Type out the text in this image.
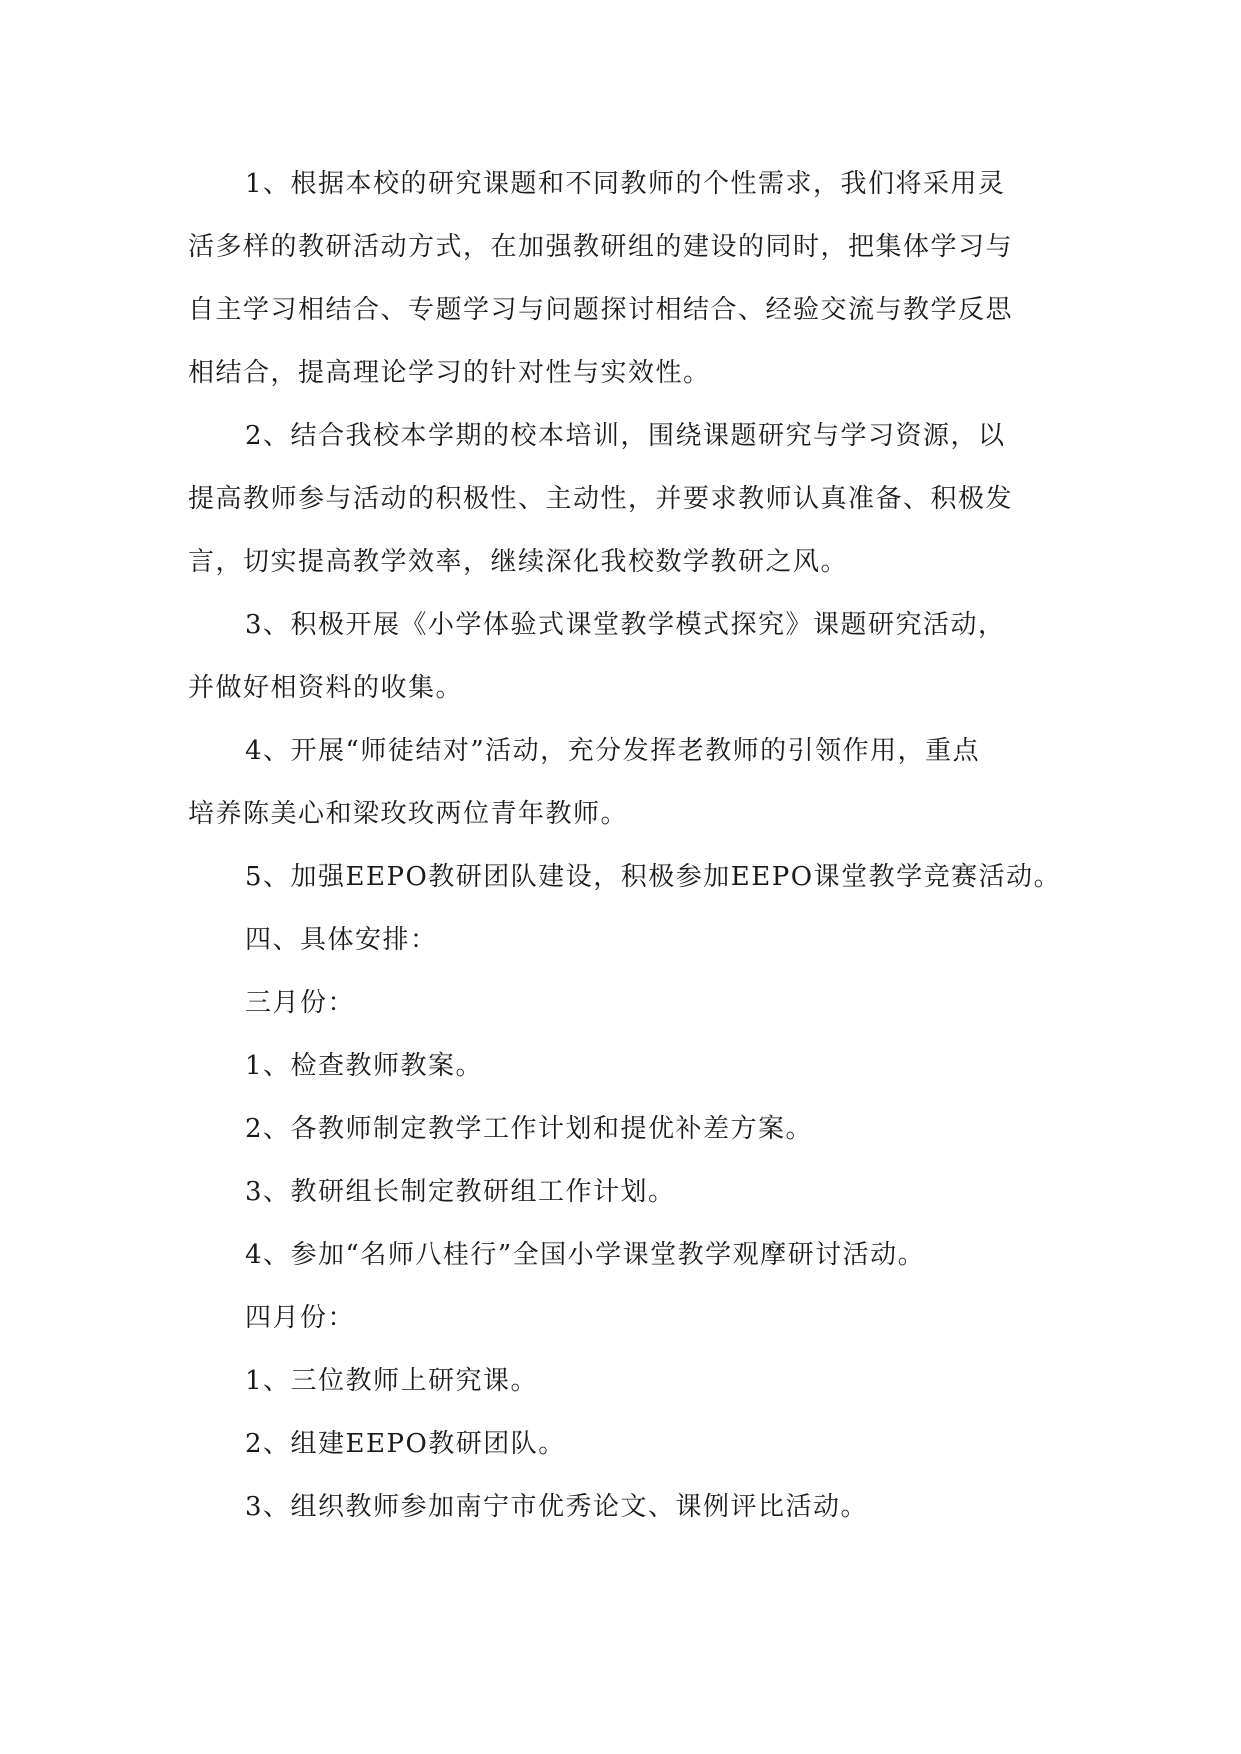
1、根据本校的研究课题和不同教师的个性需求，我们将采用灵
活多样的教研活动方式，在加强教研组的建设的同时，把集体学习与
自主学习相结合、专题学习与问题探讨相结合、经验交流与教学反思
相结合，提高理论学习的针对性与实效性。
2、结合我校本学期的校本培训，围绕课题研究与学习资源，以
提高教师参与活动的积极性、主动性，并要求教师认真准备、积极发
言，切实提高教学效率，继续深化我校数学教研之风。
3、积极开展《小学体验式课堂教学模式探究》课题研究活动，
并做好相资料的收集。
4、开展“师徒结对”活动，充分发挥老教师的引领作用，重点
培养陈美心和梁玫玫两位青年教师。
5、加强EEPO教研团队建设，积极参加EEPO课堂教学竞赛活动。
四、具体安排：
三月份：
1、检查教师教案。
2、各教师制定教学工作计划和提优补差方案。
3、教研组长制定教研组工作计划。
4、参加“名师八桂行”全国小学课堂教学观摩研讨活动。
四月份：
1、三位教师上研究课。
2、组建EEPO教研团队。
3、组织教师参加南宁市优秀论文、课例评比活动。
